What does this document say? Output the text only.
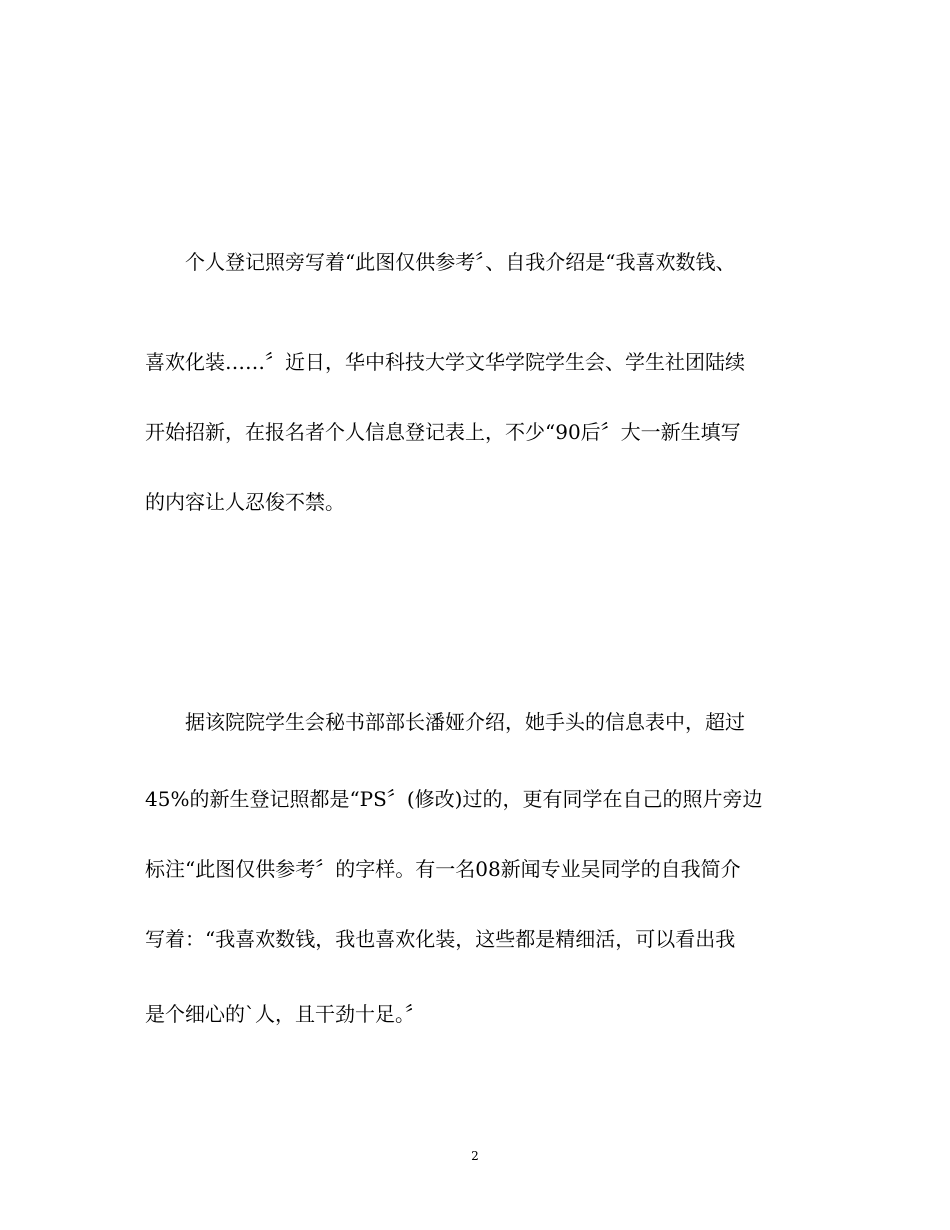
　　个人登记照旁写着“此图仅供参考〞、自我介绍是“我喜欢数钱、
喜欢化装……〞近日，华中科技大学文华学院学生会、学生社团陆续
开始招新，在报名者个人信息登记表上，不少“90后〞大一新生填写
的内容让人忍俊不禁。
　　据该院院学生会秘书部部长潘娅介绍，她手头的信息表中，超过
45%的新生登记照都是“PS〞(修改)过的，更有同学在自己的照片旁边
标注“此图仅供参考〞的字样。有一名08新闻专业吴同学的自我简介
写着：“我喜欢数钱，我也喜欢化装，这些都是精细活，可以看出我
是个细心的`人，且干劲十足。〞
2
